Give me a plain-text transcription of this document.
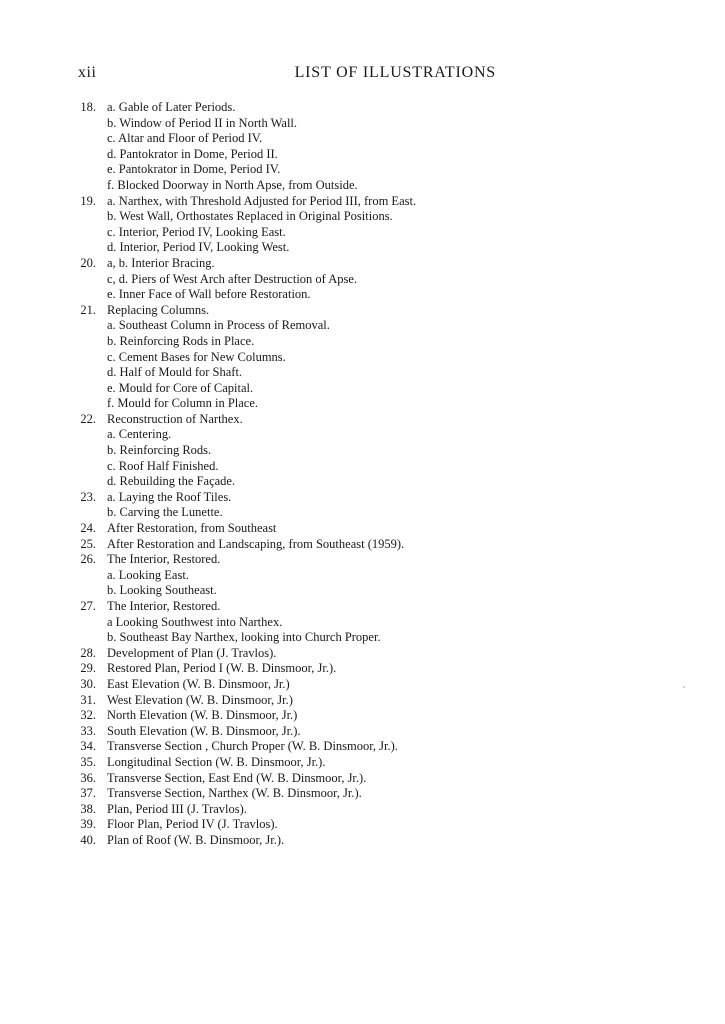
xii	LIST OF ILLUSTRATIONS
18. a. Gable of Later Periods.
b. Window of Period II in North Wall.
c. Altar and Floor of Period IV.
d. Pantokrator in Dome, Period II.
e. Pantokrator in Dome, Period IV.
f. Blocked Doorway in North Apse, from Outside.
19. a. Narthex, with Threshold Adjusted for Period III, from East.
b. West Wall, Orthostates Replaced in Original Positions.
c. Interior, Period IV, Looking East.
d. Interior, Period IV, Looking West.
20. a, b. Interior Bracing.
c, d. Piers of West Arch after Destruction of Apse.
e. Inner Face of Wall before Restoration.
21. Replacing Columns.
a. Southeast Column in Process of Removal.
b. Reinforcing Rods in Place.
c. Cement Bases for New Columns.
d. Half of Mould for Shaft.
e. Mould for Core of Capital.
f. Mould for Column in Place.
22. Reconstruction of Narthex.
a. Centering.
b. Reinforcing Rods.
c. Roof Half Finished.
d. Rebuilding the Façade.
23. a. Laying the Roof Tiles.
b. Carving the Lunette.
24. After Restoration, from Southeast
25. After Restoration and Landscaping, from Southeast (1959).
26. The Interior, Restored.
a. Looking East.
b. Looking Southeast.
27. The Interior, Restored.
a Looking Southwest into Narthex.
b. Southeast Bay Narthex, looking into Church Proper.
28. Development of Plan (J. Travlos).
29. Restored Plan, Period I (W. B. Dinsmoor, Jr.).
30. East Elevation (W. B. Dinsmoor, Jr.)
31. West Elevation (W. B. Dinsmoor, Jr.)
32. North Elevation (W. B. Dinsmoor, Jr.)
33. South Elevation (W. B. Dinsmoor, Jr.).
34. Transverse Section , Church Proper (W. B. Dinsmoor, Jr.).
35. Longitudinal Section (W. B. Dinsmoor, Jr.).
36. Transverse Section, East End (W. B. Dinsmoor, Jr.).
37. Transverse Section, Narthex (W. B. Dinsmoor, Jr.).
38. Plan, Period III (J. Travlos).
39. Floor Plan, Period IV (J. Travlos).
40. Plan of Roof (W. B. Dinsmoor, Jr.).
